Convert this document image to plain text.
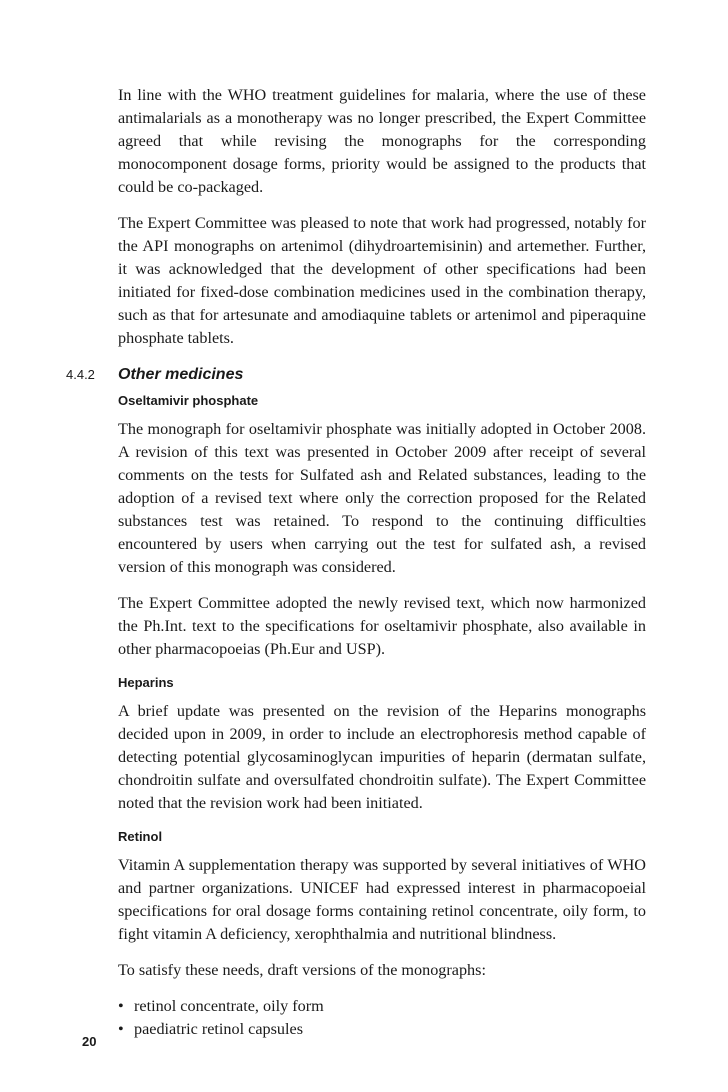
In line with the WHO treatment guidelines for malaria, where the use of these antimalarials as a monotherapy was no longer prescribed, the Expert Committee agreed that while revising the monographs for the corresponding monocomponent dosage forms, priority would be assigned to the products that could be co-packaged.

The Expert Committee was pleased to note that work had progressed, notably for the API monographs on artenimol (dihydroartemisinin) and artemether. Further, it was acknowledged that the development of other specifications had been initiated for fixed-dose combination medicines used in the combination therapy, such as that for artesunate and amodiaquine tablets or artenimol and piperaquine phosphate tablets.

4.4.2 Other medicines
Oseltamivir phosphate

The monograph for oseltamivir phosphate was initially adopted in October 2008. A revision of this text was presented in October 2009 after receipt of several comments on the tests for Sulfated ash and Related substances, leading to the adoption of a revised text where only the correction proposed for the Related substances test was retained. To respond to the continuing difficulties encountered by users when carrying out the test for sulfated ash, a revised version of this monograph was considered.

The Expert Committee adopted the newly revised text, which now harmonized the Ph.Int. text to the specifications for oseltamivir phosphate, also available in other pharmacopoeias (Ph.Eur and USP).

Heparins

A brief update was presented on the revision of the Heparins monographs decided upon in 2009, in order to include an electrophoresis method capable of detecting potential glycosaminoglycan impurities of heparin (dermatan sulfate, chondroitin sulfate and oversulfated chondroitin sulfate). The Expert Committee noted that the revision work had been initiated.

Retinol

Vitamin A supplementation therapy was supported by several initiatives of WHO and partner organizations. UNICEF had expressed interest in pharmacopoeial specifications for oral dosage forms containing retinol concentrate, oily form, to fight vitamin A deficiency, xerophthalmia and nutritional blindness.

To satisfy these needs, draft versions of the monographs:

• retinol concentrate, oily form
• paediatric retinol capsules
20
